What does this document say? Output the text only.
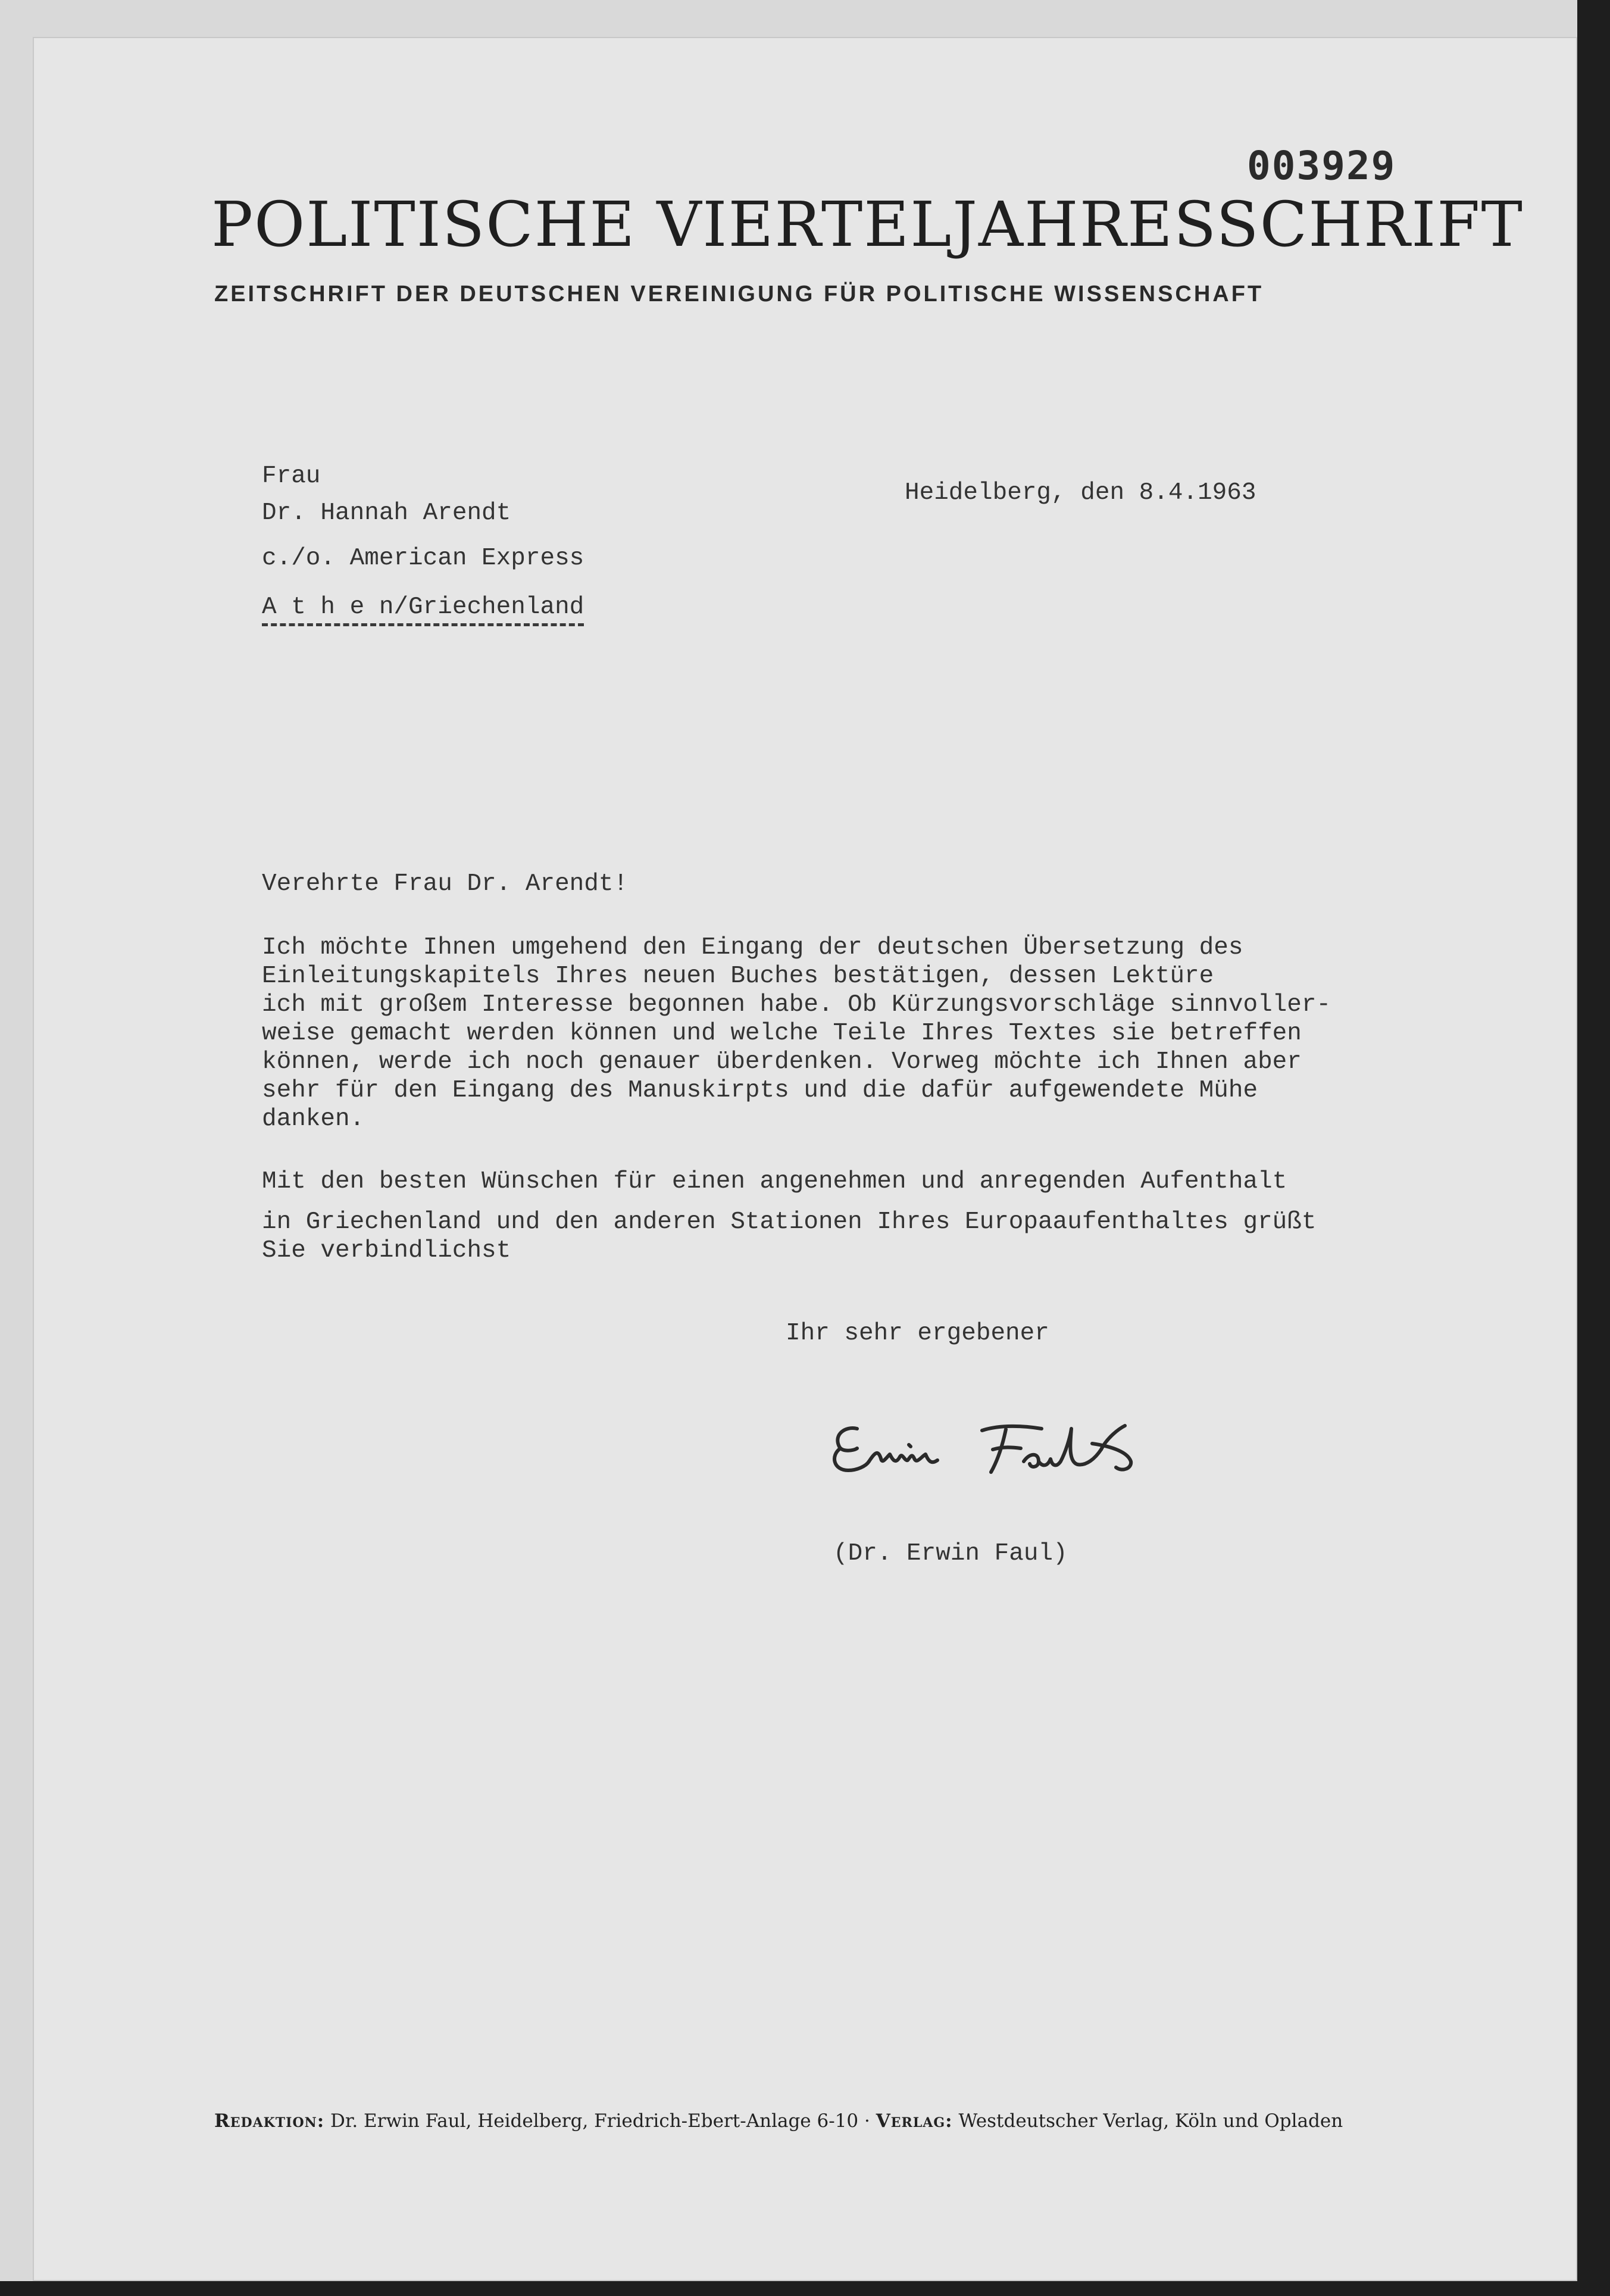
003929
POLITISCHE VIERTELJAHRESSCHRIFT
ZEITSCHRIFT DER DEUTSCHEN VEREINIGUNG FÜR POLITISCHE WISSENSCHAFT
Frau
Dr. Hannah Arendt
c./o. American Express
A t h e n/Griechenland
Heidelberg, den 8.4.1963
Verehrte Frau Dr. Arendt!
Ich möchte Ihnen umgehend den Eingang der deutschen Übersetzung des
Einleitungskapitels Ihres neuen Buches bestätigen, dessen Lektüre
ich mit großem Interesse begonnen habe. Ob Kürzungsvorschläge sinnvoller-
weise gemacht werden können und welche Teile Ihres Textes sie betreffen
können, werde ich noch genauer überdenken. Vorweg möchte ich Ihnen aber
sehr für den Eingang des Manuskirpts und die dafür aufgewendete Mühe
danken.
Mit den besten Wünschen für einen angenehmen und anregenden Aufenthalt
in Griechenland und den anderen Stationen Ihres Europaaufenthaltes grüßt
Sie verbindlichst
Ihr sehr ergebener
(Dr. Erwin Faul)
Redaktion: Dr. Erwin Faul, Heidelberg, Friedrich-Ebert-Anlage 6-10 · Verlag: Westdeutscher Verlag, Köln und Opladen
